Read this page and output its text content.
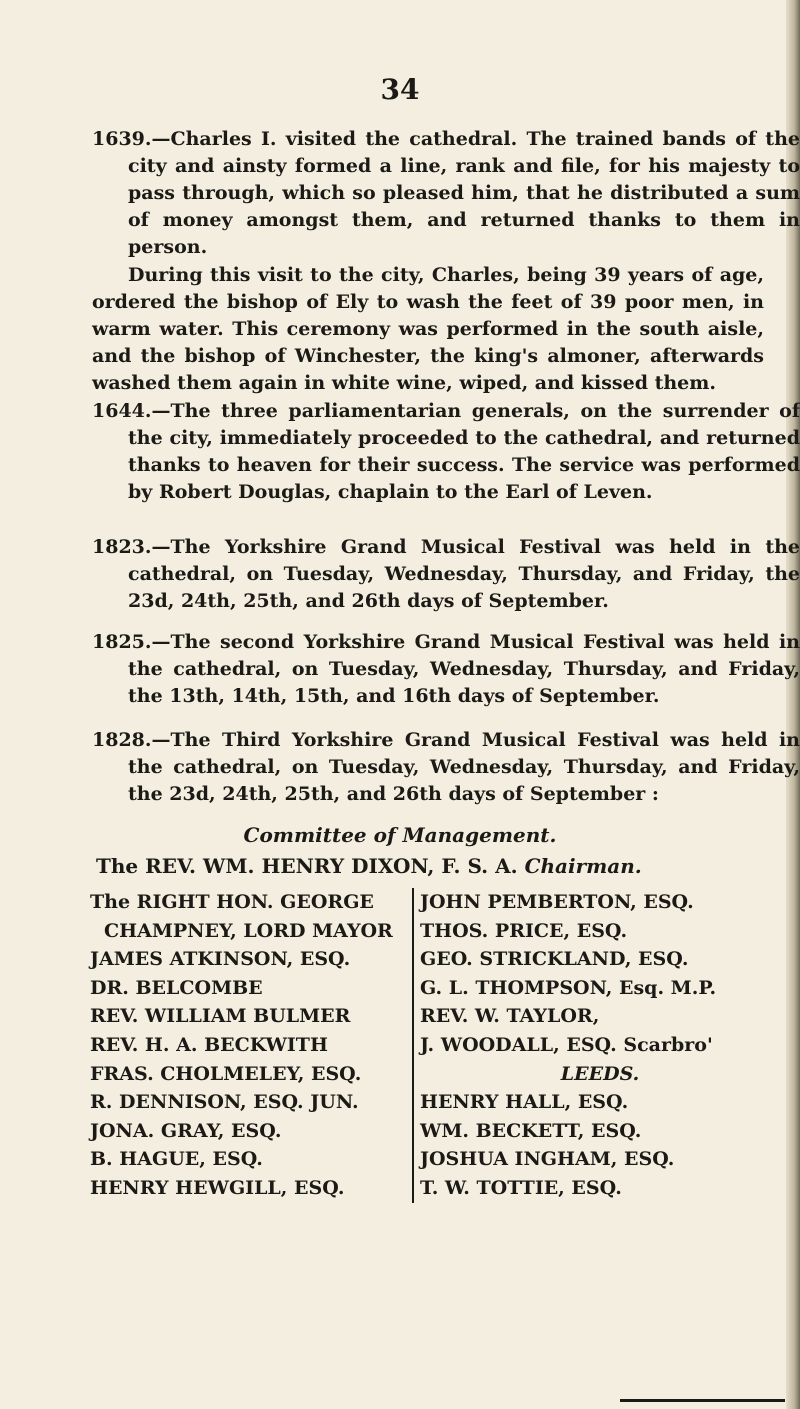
34
1639.—Charles I. visited the cathedral. The trained bands of the city and ainsty formed a line, rank and file, for his majesty to pass through, which so pleased him, that he distributed a sum of money amongst them, and returned thanks to them in person.
During this visit to the city, Charles, being 39 years of age, ordered the bishop of Ely to wash the feet of 39 poor men, in warm water. This ceremony was performed in the south aisle, and the bishop of Winchester, the king's almoner, afterwards washed them again in white wine, wiped, and kissed them.
1644.—The three parliamentarian generals, on the surrender of the city, immediately proceeded to the cathedral, and returned thanks to heaven for their success. The service was performed by Robert Douglas, chaplain to the Earl of Leven.
1823.—The Yorkshire Grand Musical Festival was held in the cathedral, on Tuesday, Wednesday, Thursday, and Friday, the 23d, 24th, 25th, and 26th days of September.
1825.—The second Yorkshire Grand Musical Festival was held in the cathedral, on Tuesday, Wednesday, Thursday, and Friday, the 13th, 14th, 15th, and 16th days of September.
1828.—The Third Yorkshire Grand Musical Festival was held in the cathedral, on Tuesday, Wednesday, Thursday, and Friday, the 23d, 24th, 25th, and 26th days of September :
Committee of Management.
The REV. WM. HENRY DIXON, F. S. A. Chairman.
The RIGHT HON. GEORGE
CHAMPNEY, LORD MAYOR
JAMES ATKINSON, ESQ.
DR. BELCOMBE
REV. WILLIAM BULMER
REV. H. A. BECKWITH
FRAS. CHOLMELEY, ESQ.
R. DENNISON, ESQ. JUN.
JONA. GRAY, ESQ.
B. HAGUE, ESQ.
HENRY HEWGILL, ESQ.
JOHN PEMBERTON, ESQ.
THOS. PRICE, ESQ.
GEO. STRICKLAND, ESQ.
G. L. THOMPSON, Esq. M.P.
REV. W. TAYLOR,
J. WOODALL, ESQ. Scarbro'
LEEDS.
HENRY HALL, ESQ.
WM. BECKETT, ESQ.
JOSHUA INGHAM, ESQ.
T. W. TOTTIE, ESQ.
